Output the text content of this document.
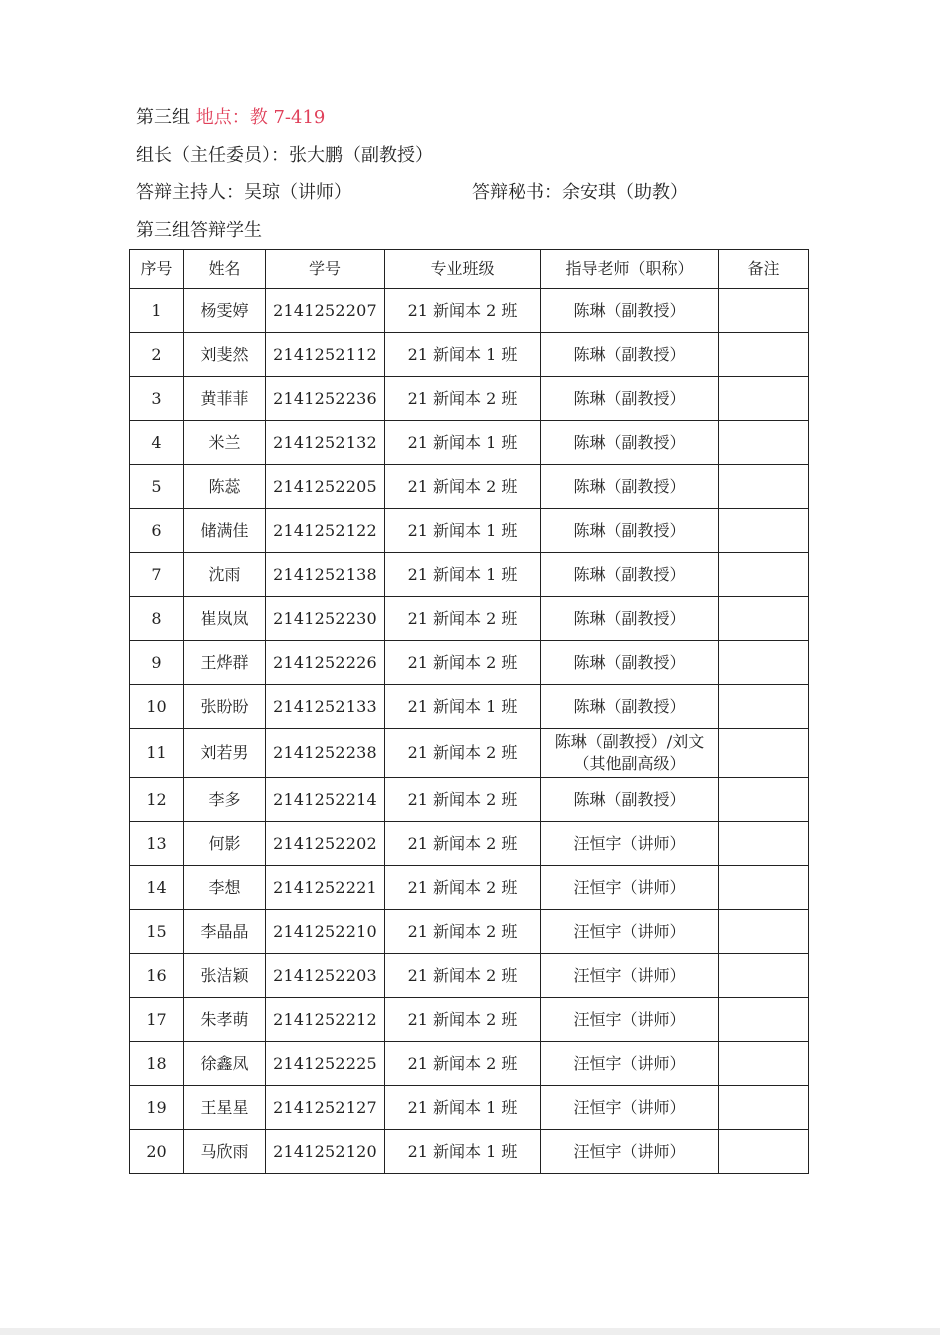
第三组 地点：教 7-419
组长（主任委员）：张大鹏（副教授）
答辩主持人：吴琼（讲师）	答辩秘书：余安琪（助教）
第三组答辩学生
序号	姓名	学号	专业班级	指导老师（职称）	备注
1	杨雯婷	2141252207	21 新闻本 2 班	陈琳（副教授）	
2	刘斐然	2141252112	21 新闻本 1 班	陈琳（副教授）	
3	黄菲菲	2141252236	21 新闻本 2 班	陈琳（副教授）	
4	米兰	2141252132	21 新闻本 1 班	陈琳（副教授）	
5	陈蕊	2141252205	21 新闻本 2 班	陈琳（副教授）	
6	储满佳	2141252122	21 新闻本 1 班	陈琳（副教授）	
7	沈雨	2141252138	21 新闻本 1 班	陈琳（副教授）	
8	崔岚岚	2141252230	21 新闻本 2 班	陈琳（副教授）	
9	王烨群	2141252226	21 新闻本 2 班	陈琳（副教授）	
10	张盼盼	2141252133	21 新闻本 1 班	陈琳（副教授）	
11	刘若男	2141252238	21 新闻本 2 班	陈琳（副教授）/刘文（其他副高级）	
12	李多	2141252214	21 新闻本 2 班	陈琳（副教授）	
13	何影	2141252202	21 新闻本 2 班	汪恒宇（讲师）	
14	李想	2141252221	21 新闻本 2 班	汪恒宇（讲师）	
15	李晶晶	2141252210	21 新闻本 2 班	汪恒宇（讲师）	
16	张洁颖	2141252203	21 新闻本 2 班	汪恒宇（讲师）	
17	朱孝萌	2141252212	21 新闻本 2 班	汪恒宇（讲师）	
18	徐鑫凤	2141252225	21 新闻本 2 班	汪恒宇（讲师）	
19	王星星	2141252127	21 新闻本 1 班	汪恒宇（讲师）	
20	马欣雨	2141252120	21 新闻本 1 班	汪恒宇（讲师）	
